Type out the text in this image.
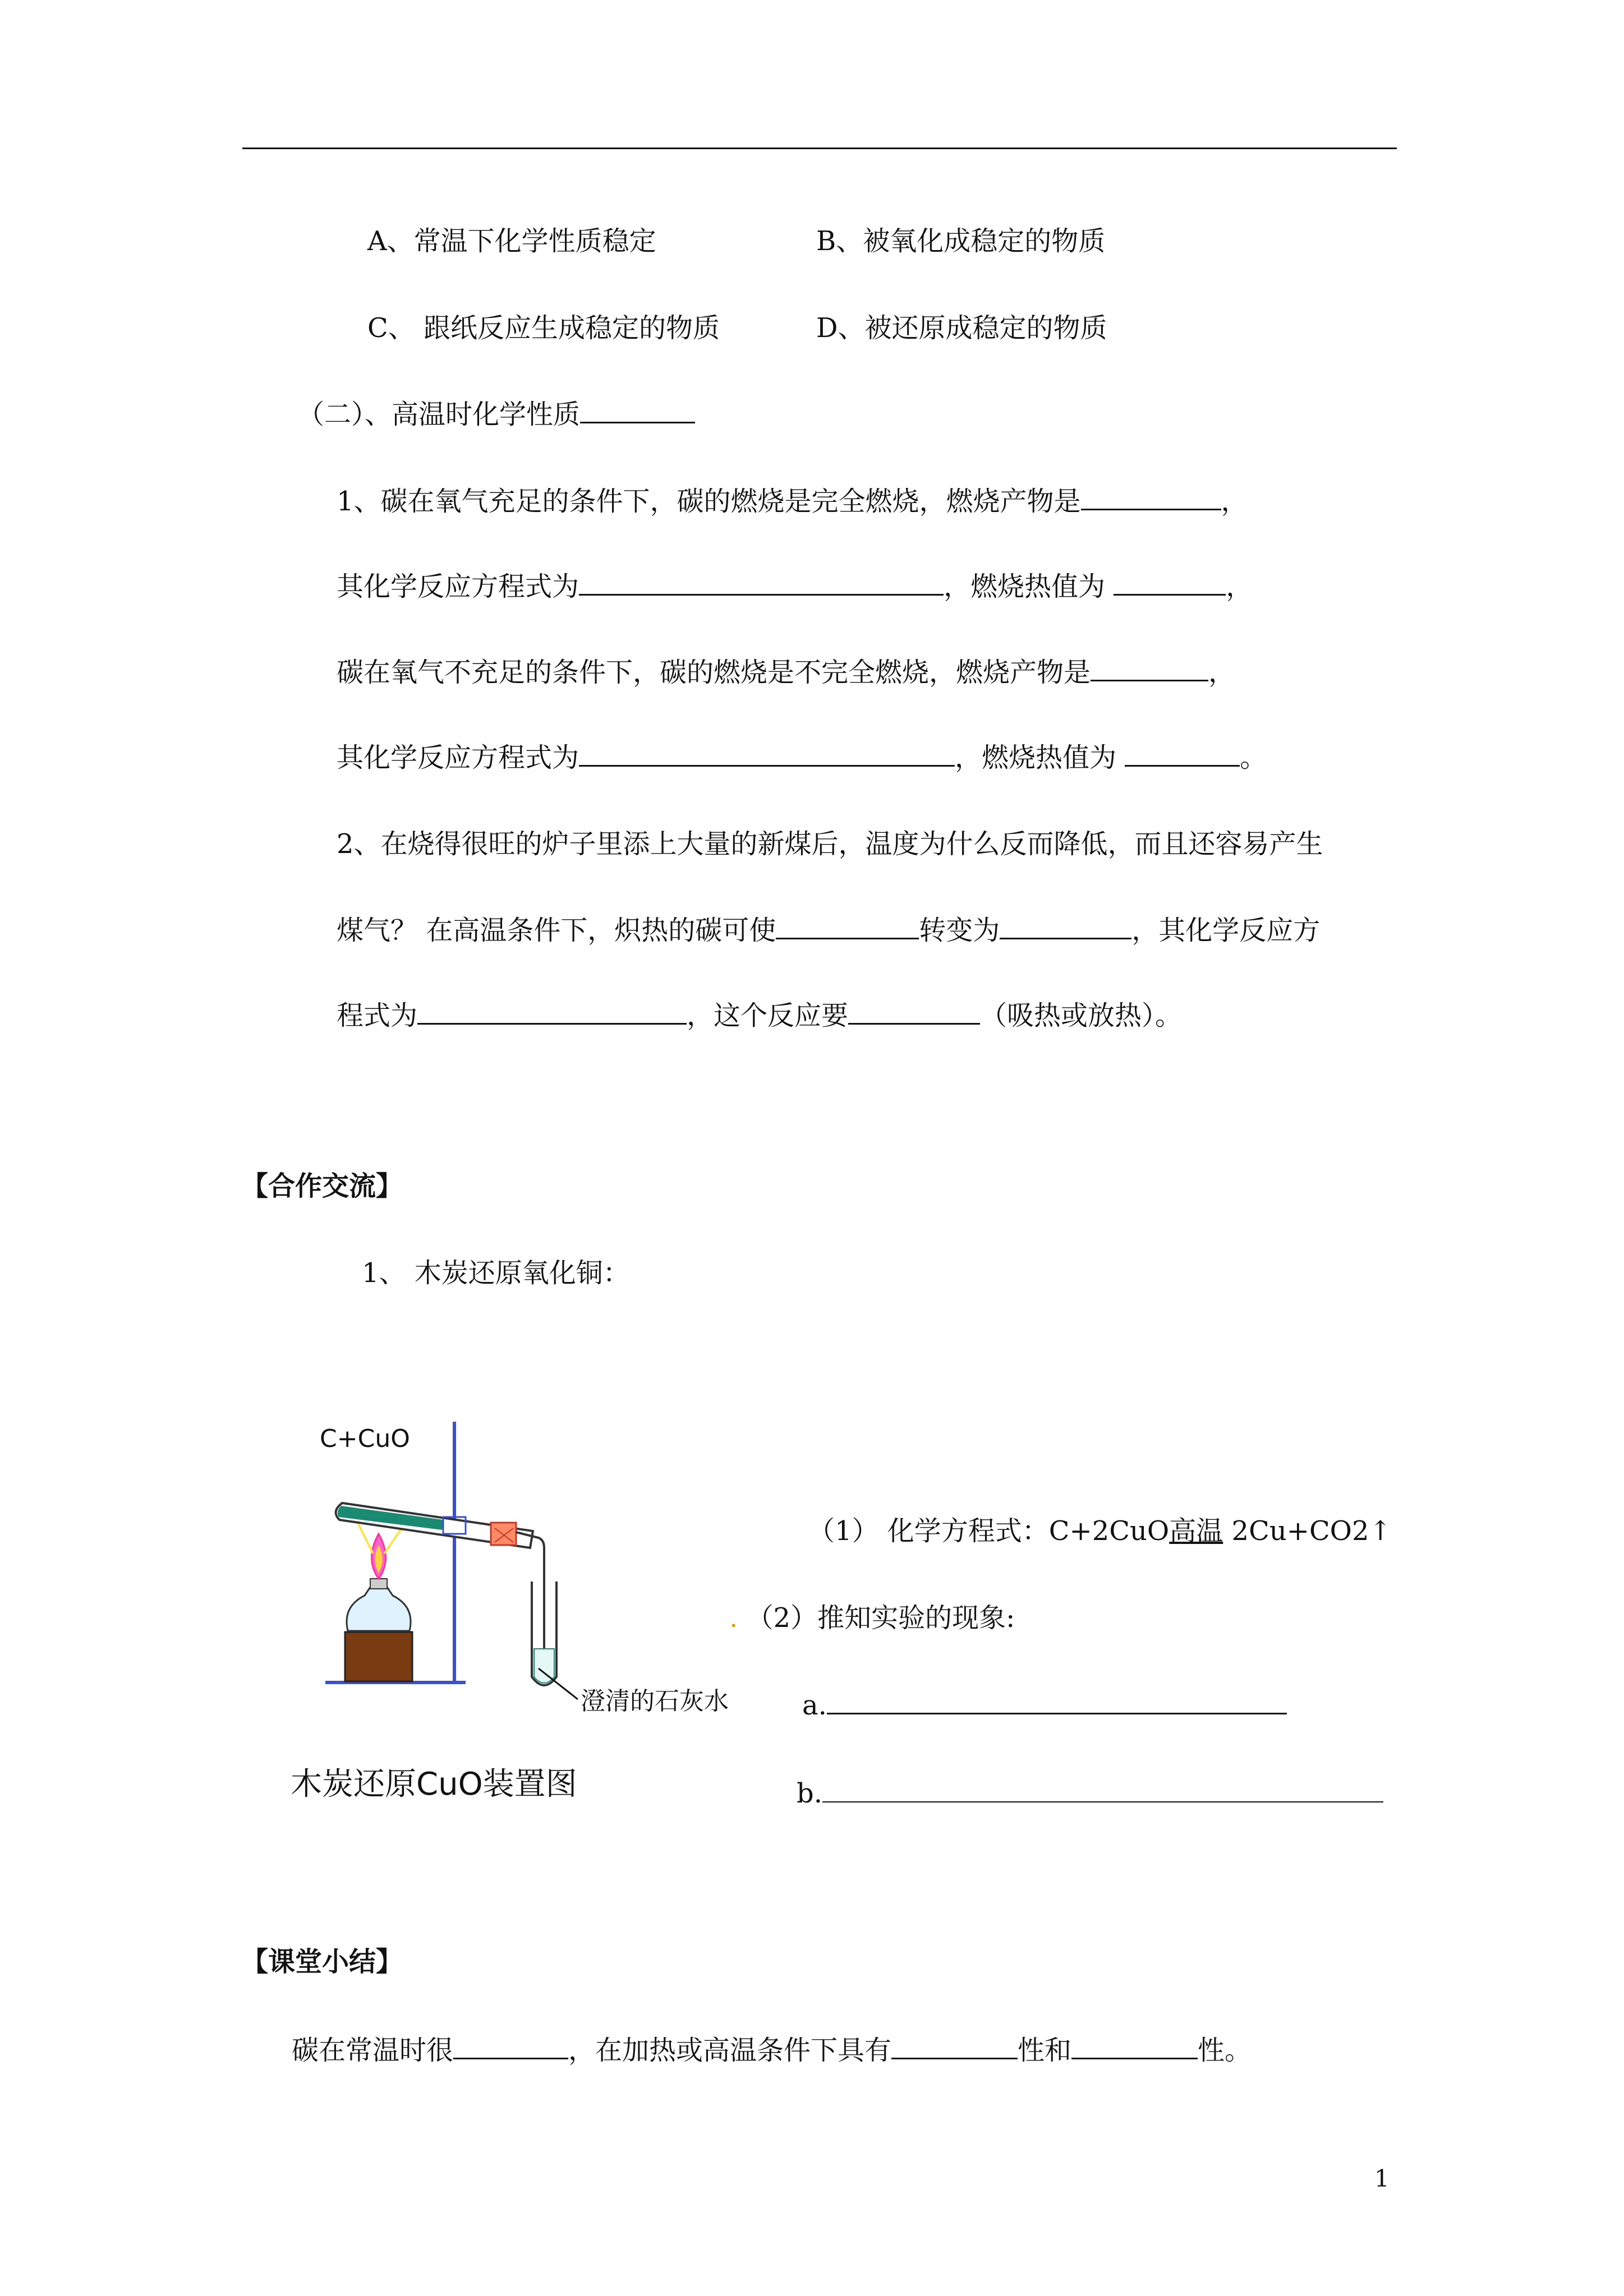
A、常温下化学性质稳定	B、被氧化成稳定的物质
C、 跟纸反应生成稳定的物质	D、被还原成稳定的物质
（二）、高温时化学性质
1、碳在氧气充足的条件下，碳的燃烧是完全燃烧，燃烧产物是	，
其化学反应方程式为	，燃烧热值为	，
碳在氧气不充足的条件下，碳的燃烧是不完全燃烧，燃烧产物是	，
其化学反应方程式为	，燃烧热值为	。
2、在烧得很旺的炉子里添上大量的新煤后，温度为什么反而降低，而且还容易产生
煤气？ 在高温条件下，炽热的碳可使	转变为	，其化学反应方
程式为	，这个反应要	（吸热或放热）。
【合作交流】
1、 木炭还原氧化铜：
C+CuO
澄清的石灰水
木炭还原CuO装置图
（1） 化学方程式：C+2CuO高温 2Cu+CO2↑
. （2）推知实验的现象:
a.
b.
【课堂小结】
碳在常温时很	，在加热或高温条件下具有	性和	性。
1
